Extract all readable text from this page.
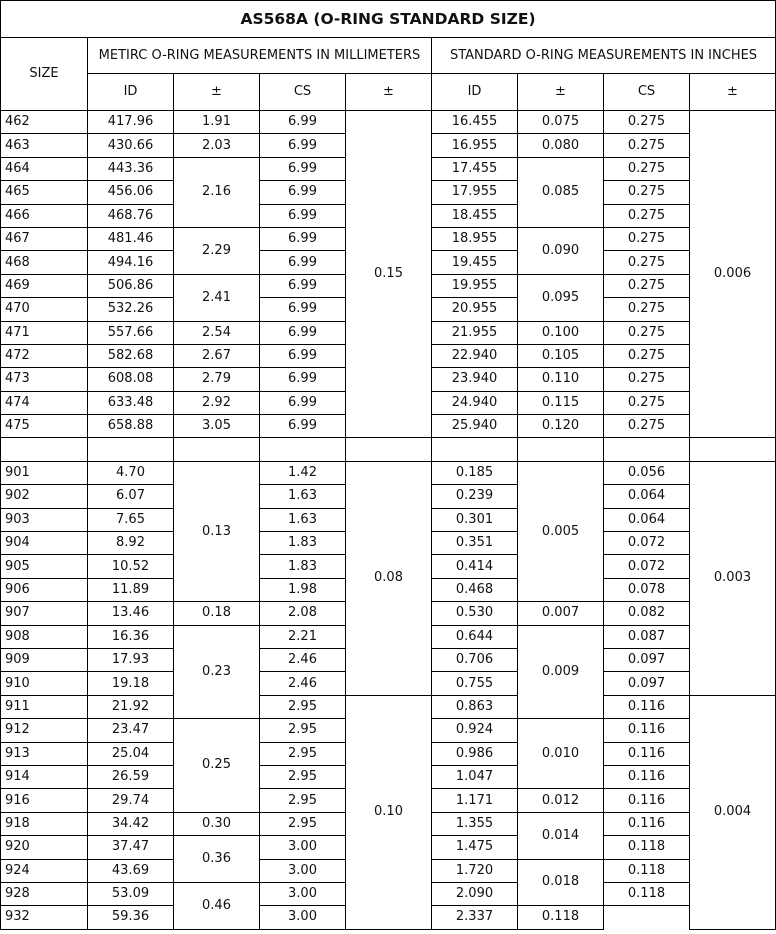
AS568A (O-RING STANDARD SIZE)								
SIZE	METIRC O-RING MEASUREMENTS IN MILLIMETERS				STANDARD O-RING MEASUREMENTS IN INCHES			
	ID	±	CS	±	ID	±	CS	±
462	417.96	1.91	6.99	0.15	16.455	0.075	0.275	0.006
463	430.66	2.03	6.99		16.955	0.080	0.275	
464	443.36	2.16	6.99		17.455	0.085	0.275	
465	456.06		6.99		17.955		0.275	
466	468.76		6.99		18.455		0.275	
467	481.46	2.29	6.99		18.955	0.090	0.275	
468	494.16		6.99		19.455		0.275	
469	506.86	2.41	6.99		19.955	0.095	0.275	
470	532.26		6.99		20.955		0.275	
471	557.66	2.54	6.99		21.955	0.100	0.275	
472	582.68	2.67	6.99		22.940	0.105	0.275	
473	608.08	2.79	6.99		23.940	0.110	0.275	
474	633.48	2.92	6.99		24.940	0.115	0.275	
475	658.88	3.05	6.99		25.940	0.120	0.275	

901	4.70	0.13	1.42	0.08	0.185	0.005	0.056	0.003
902	6.07		1.63		0.239		0.064	
903	7.65		1.63		0.301		0.064	
904	8.92		1.83		0.351		0.072	
905	10.52		1.83		0.414		0.072	
906	11.89		1.98		0.468		0.078	
907	13.46	0.18	2.08		0.530	0.007	0.082	
908	16.36	0.23	2.21		0.644	0.009	0.087	
909	17.93		2.46		0.706		0.097	
910	19.18		2.46		0.755		0.097	
911	21.92		2.95	0.10	0.863		0.116	0.004
912	23.47	0.25	2.95		0.924	0.010	0.116	
913	25.04		2.95		0.986		0.116	
914	26.59		2.95		1.047		0.116	
916	29.74		2.95		1.171	0.012	0.116	
918	34.42	0.30	2.95		1.355	0.014	0.116	
920	37.47	0.36	3.00		1.475		0.118	
924	43.69		3.00		1.720	0.018	0.118	
928	53.09	0.46	3.00		2.090		0.118	
932	59.36		3.00		2.337	0.118		
